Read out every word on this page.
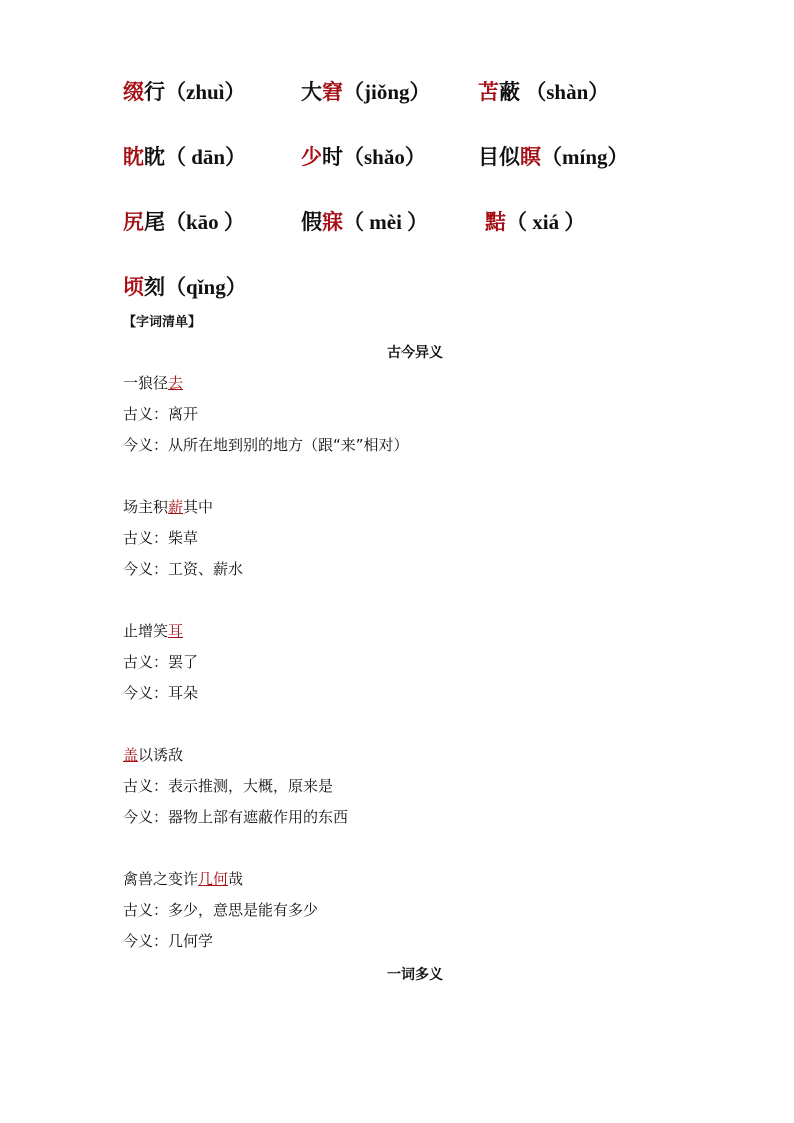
缀行（zhuì）	大窘（jiǒng） 苫蔽 （shàn）
眈眈（ dān）	少时（shǎo） 目似瞑（míng）
尻尾（kāo ）	假寐（ mèi ）	黠（ xiá ）
顷刻（qǐng）
【字词清单】
古今异义
一狼径去
古义：离开
今义：从所在地到别的地方（跟“来”相对）
场主积薪其中
古义：柴草
今义：工资、薪水
止增笑耳
古义：罢了
今义：耳朵
盖以诱敌
古义：表示推测，大概，原来是
今义：器物上部有遮蔽作用的东西
禽兽之变诈几何哉
古义：多少，意思是能有多少
今义：几何学
一词多义
